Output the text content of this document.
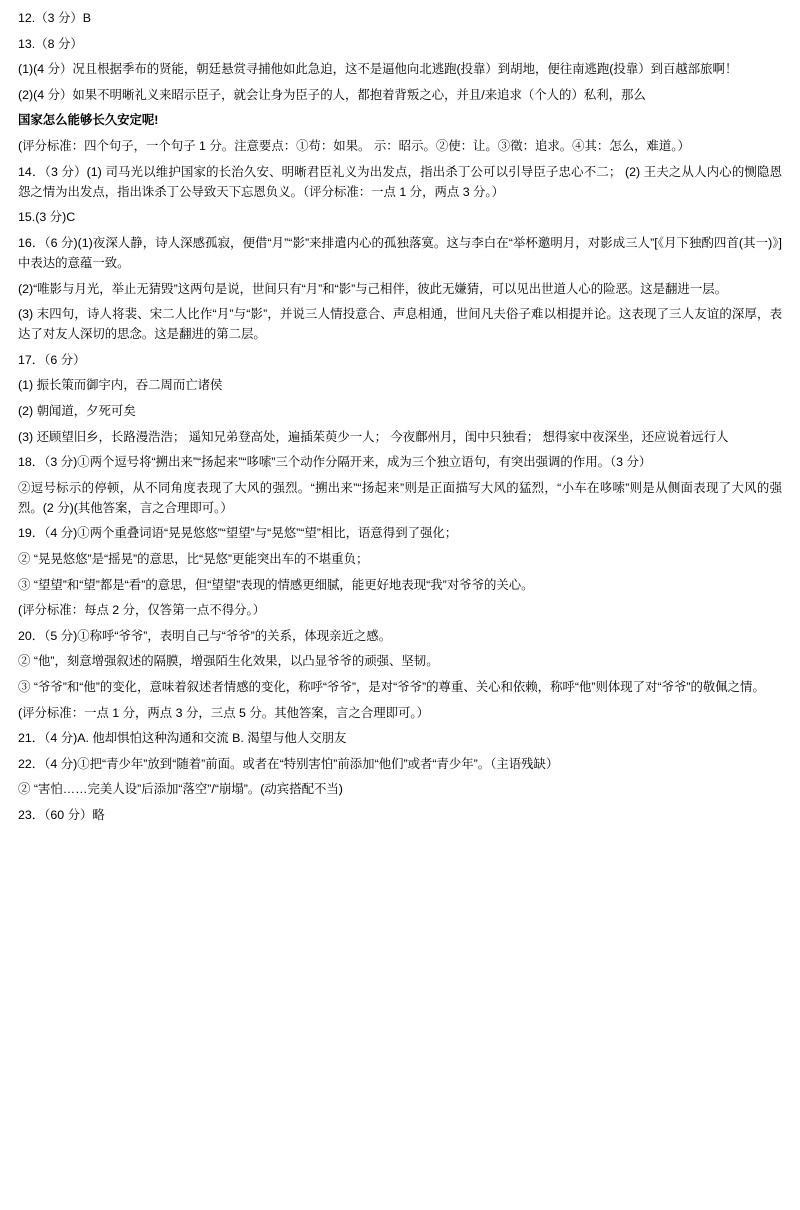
12.（3 分）B

13.（8 分）

(1)(4 分）况且根据季布的贤能，朝廷悬赏寻捕他如此急迫，这不是逼他向北逃跑(投靠）到胡地，便往南逃跑(投靠）到百越部旅啊！

(2)(4 分）如果不明晰礼义来昭示臣子，就会让身为臣子的人，都抱着背叛之心，并且/来追求（个人的）私利，那么

国家怎么能够长久安定呢!

(评分标准：四个句子，一个句子 1 分。注意要点：①苟：如果。 示：昭示。②使：让。③徵：追求。④其：怎么，难道。）

14．（3 分）(1) 司马光以维护国家的长治久安、明晰君臣礼义为出发点，指出杀丁公可以引导臣子忠心不二； (2) 王夫之从人内心的恻隐恩怨之情为出发点，指出诛杀丁公导致天下忘恩负义。（评分标准：一点 1 分，两点 3 分。）

15.(3 分)C

16．（6 分)(1)夜深人静，诗人深感孤寂，便借“月”“影”来排遣内心的孤独落寞。这与李白在“举杯邀明月，对影成三人”[《月下独酌四首(其一)》]中表达的意蕴一致。

(2)“唯影与月光，举止无猜毁”这两句是说，世间只有“月”和“影”与己相伴，彼此无嫌猜，可以见出世道人心的险恶。这是翻进一层。

(3) 末四句，诗人将裴、宋二人比作“月”与“影”，并说三人情投意合、声息相通，世间凡夫俗子难以相提并论。这表现了三人友谊的深厚，表达了对友人深切的思念。这是翻进的第二层。

17．（6 分）

(1) 振长策而御宇内，吞二周而亡诸侯

(2) 朝闻道，夕死可矣

(3) 还顾望旧乡，长路漫浩浩； 遥知兄弟登高处，遍插茱萸少一人； 今夜鄜州月，闺中只独看； 想得家中夜深坐，还应说着远行人

18．（3 分)①两个逗号将“搠出来”“扬起来”“哆嗦”三个动作分隔开来，成为三个独立语句，有突出强调的作用。（3 分）

②逗号标示的停顿，从不同角度表现了大风的强烈。“搠出来”“扬起来”则是正面描写大风的猛烈，“小车在哆嗦”则是从侧面表现了大风的强烈。(2 分)(其他答案，言之合理即可。）

19．（4 分)①两个重叠词语“晃晃悠悠”“望望”与“晃悠”“望”相比，语意得到了强化；

② “晃晃悠悠”是“摇晃”的意思，比“晃悠”更能突出车的不堪重负；

③ “望望”和“望”都是“看”的意思，但“望望”表现的情感更细腻，能更好地表现“我”对爷爷的关心。

(评分标准：每点 2 分，仅答第一点不得分。）

20．（5 分)①称呼“爷爷”，表明自己与“爷爷”的关系，体现亲近之感。

② “他”，刻意增强叙述的隔膜，增强陌生化效果，以凸显爷爷的顽强、坚韧。

③ “爷爷”和“他”的变化，意味着叙述者情感的变化，称呼“爷爷”，是对“爷爷”的尊重、关心和依赖，称呼“他”则体现了对“爷爷”的敬佩之情。

(评分标准：一点 1 分，两点 3 分，三点 5 分。其他答案，言之合理即可。）

21．（4 分)A. 他却惧怕这种沟通和交流 B. 渴望与他人交朋友

22．（4 分)①把“青少年”放到“随着”前面。或者在“特别害怕”前添加“他们”或者“青少年”。（主语残缺）

② “害怕……完美人设”后添加“落空”/“崩塌”。(动宾搭配不当)

23．（60 分）略
